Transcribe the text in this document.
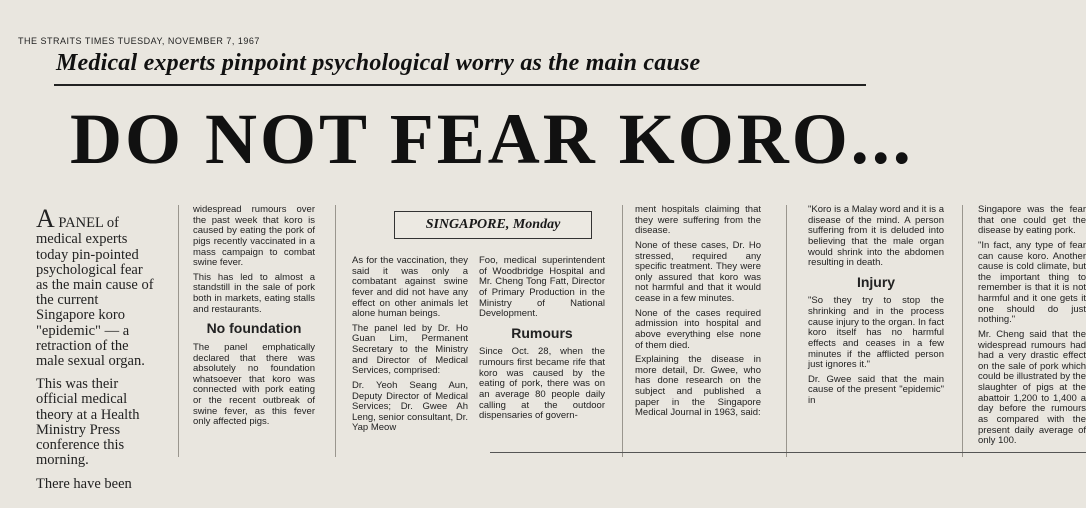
THE STRAITS TIMES TUESDAY, NOVEMBER 7, 1967
Medical experts pinpoint psychological worry as the main cause
DO NOT FEAR KORO...

A PANEL of medical experts today pin-pointed psychological fear as the main cause of the current Singapore koro "epidemic" — a retraction of the male sexual organ.

This was their official medical theory at a Health Ministry Press conference this morning.

There have been

widespread rumours over the past week that koro is caused by eating the pork of pigs recently vaccinated in a mass campaign to combat swine fever.

This has led to almost a standstill in the sale of pork both in markets, eating stalls and restaurants.

No foundation

The panel emphatically declared that there was absolutely no foundation whatsoever that koro was connected with pork eating or the recent outbreak of swine fever, as this fever only affected pigs.

SINGAPORE, Monday

As for the vaccination, they said it was only a combatant against swine fever and did not have any effect on other animals let alone human beings.

The panel led by Dr. Ho Guan Lim, Permanent Secretary to the Ministry and Director of Medical Services, comprised:

Dr. Yeoh Seang Aun, Deputy Director of Medical Services; Dr. Gwee Ah Leng, senior consultant, Dr. Yap Meow

Foo, medical superintendent of Woodbridge Hospital and Mr. Cheng Tong Fatt, Director of Primary Production in the Ministry of National Development.

Rumours

Since Oct. 28, when the rumours first became rife that koro was caused by the eating of pork, there was on an average 80 people daily calling at the outdoor dispensaries of govern-

ment hospitals claiming that they were suffering from the disease.

None of these cases, Dr. Ho stressed, required any specific treatment. They were only assured that koro was not harmful and that it would cease in a few minutes.

None of the cases required admission into hospital and above everything else none of them died.

Explaining the disease in more detail, Dr. Gwee, who has done research on the subject and published a paper in the Singapore Medical Journal in 1963, said:

"Koro is a Malay word and it is a disease of the mind. A person suffering from it is deluded into believing that the male organ would shrink into the abdomen resulting in death.

Injury

"So they try to stop the shrinking and in the process cause injury to the organ. In fact koro itself has no harmful effects and ceases in a few minutes if the afflicted person just ignores it."

Dr. Gwee said that the main cause of the present "epidemic" in

Singapore was the fear that one could get the disease by eating pork.

"In fact, any type of fear can cause koro. Another cause is cold climate, but the important thing to remember is that it is not harmful and it one gets it one should do just nothing."

Mr. Cheng said that the widespread rumours had had a very drastic effect on the sale of pork which could be illustrated by the slaughter of pigs at the abattoir 1,200 to 1,400 a day before the rumours as compared with the present daily average of only 100.
